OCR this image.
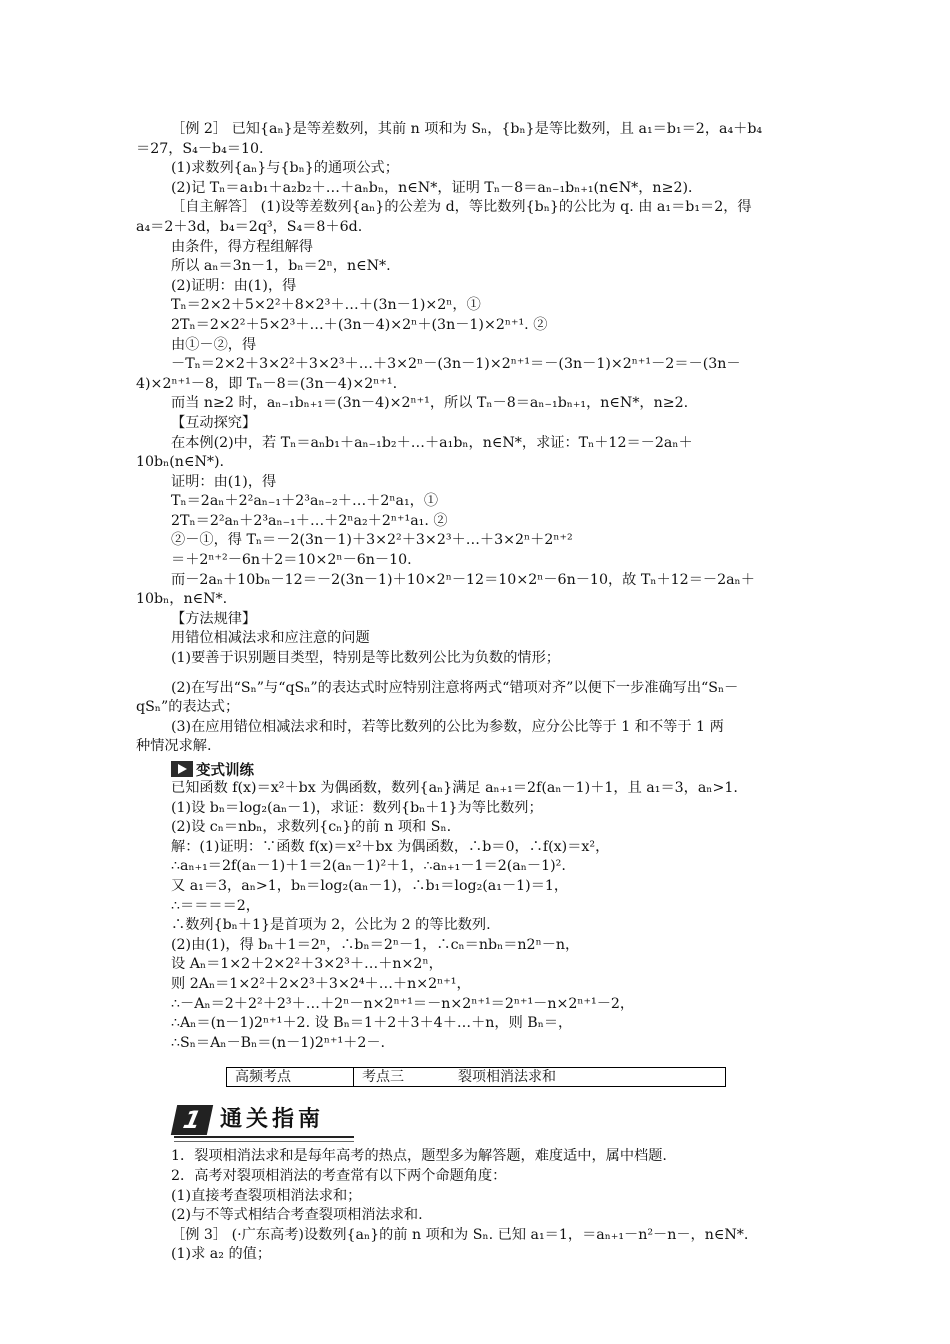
［例 2］ 已知{aₙ}是等差数列，其前 n 项和为 Sₙ，{bₙ}是等比数列，且 a₁＝b₁＝2，a₄＋b₄
＝27，S₄－b₄＝10.
(1)求数列{aₙ}与{bₙ}的通项公式；
(2)记 Tₙ＝a₁b₁＋a₂b₂＋…＋aₙbₙ，n∈N*，证明 Tₙ－8＝aₙ₋₁bₙ₊₁(n∈N*，n≥2)．
［自主解答］ (1)设等差数列{aₙ}的公差为 d，等比数列{bₙ}的公比为 q. 由 a₁＝b₁＝2，得
a₄＝2＋3d，b₄＝2q³，S₄＝8＋6d.
由条件，得方程组解得
所以 aₙ＝3n－1，bₙ＝2ⁿ，n∈N*.
(2)证明：由(1)，得
Tₙ＝2×2＋5×2²＋8×2³＋…＋(3n－1)×2ⁿ，①
2Tₙ＝2×2²＋5×2³＋…＋(3n－4)×2ⁿ＋(3n－1)×2ⁿ⁺¹. ②
由①－②，得
－Tₙ＝2×2＋3×2²＋3×2³＋…＋3×2ⁿ－(3n－1)×2ⁿ⁺¹＝－(3n－1)×2ⁿ⁺¹－2＝－(3n－
4)×2ⁿ⁺¹－8，即 Tₙ－8＝(3n－4)×2ⁿ⁺¹.
而当 n≥2 时，aₙ₋₁bₙ₊₁＝(3n－4)×2ⁿ⁺¹，所以 Tₙ－8＝aₙ₋₁bₙ₊₁，n∈N*，n≥2.
【互动探究】
在本例(2)中，若 Tₙ＝aₙb₁＋aₙ₋₁b₂＋…＋a₁bₙ，n∈N*，求证：Tₙ＋12＝－2aₙ＋
10bₙ(n∈N*).
证明：由(1)，得
Tₙ＝2aₙ＋2²aₙ₋₁＋2³aₙ₋₂＋…＋2ⁿa₁，①
2Tₙ＝2²aₙ＋2³aₙ₋₁＋…＋2ⁿa₂＋2ⁿ⁺¹a₁. ②
②－①，得 Tₙ＝－2(3n－1)＋3×2²＋3×2³＋…＋3×2ⁿ＋2ⁿ⁺²
＝＋2ⁿ⁺²－6n＋2＝10×2ⁿ－6n－10.
而－2aₙ＋10bₙ－12＝－2(3n－1)＋10×2ⁿ－12＝10×2ⁿ－6n－10，故 Tₙ＋12＝－2aₙ＋
10bₙ，n∈N*.
【方法规律】
用错位相减法求和应注意的问题
(1)要善于识别题目类型，特别是等比数列公比为负数的情形；
(2)在写出“Sₙ”与“qSₙ”的表达式时应特别注意将两式“错项对齐”以便下一步准确写出“Sₙ－
qSₙ”的表达式；
(3)在应用错位相减法求和时，若等比数列的公比为参数，应分公比等于 1 和不等于 1 两
种情况求解.
变式训练
已知函数 f(x)＝x²＋bx 为偶函数，数列{aₙ}满足 aₙ₊₁＝2f(aₙ－1)＋1，且 a₁＝3，aₙ>1.
(1)设 bₙ＝log₂(aₙ－1)，求证：数列{bₙ＋1}为等比数列；
(2)设 cₙ＝nbₙ，求数列{cₙ}的前 n 项和 Sₙ.
解：(1)证明：∵函数 f(x)＝x²＋bx 为偶函数，∴b＝0，∴f(x)＝x²，
∴aₙ₊₁＝2f(aₙ－1)＋1＝2(aₙ－1)²＋1，∴aₙ₊₁－1＝2(aₙ－1)².
又 a₁＝3，aₙ>1，bₙ＝log₂(aₙ－1)，∴b₁＝log₂(a₁－1)＝1，
∴＝＝＝＝2，
∴数列{bₙ＋1}是首项为 2，公比为 2 的等比数列.
(2)由(1)，得 bₙ＋1＝2ⁿ，∴bₙ＝2ⁿ－1，∴cₙ＝nbₙ＝n2ⁿ－n，
设 Aₙ＝1×2＋2×2²＋3×2³＋…＋n×2ⁿ，
则 2Aₙ＝1×2²＋2×2³＋3×2⁴＋…＋n×2ⁿ⁺¹，
∴－Aₙ＝2＋2²＋2³＋…＋2ⁿ－n×2ⁿ⁺¹＝－n×2ⁿ⁺¹＝2ⁿ⁺¹－n×2ⁿ⁺¹－2，
∴Aₙ＝(n－1)2ⁿ⁺¹＋2. 设 Bₙ＝1＋2＋3＋4＋…＋n，则 Bₙ＝，
∴Sₙ＝Aₙ－Bₙ＝(n－1)2ⁿ⁺¹＋2－.
高频考点	考点三	裂项相消法求和
1 通关指南
1．裂项相消法求和是每年高考的热点，题型多为解答题，难度适中，属中档题.
2．高考对裂项相消法的考查常有以下两个命题角度：
(1)直接考查裂项相消法求和；
(2)与不等式相结合考查裂项相消法求和.
［例 3］ (·广东高考)设数列{aₙ}的前 n 项和为 Sₙ. 已知 a₁＝1，＝aₙ₊₁－n²－n－，n∈N*.
(1)求 a₂ 的值；
